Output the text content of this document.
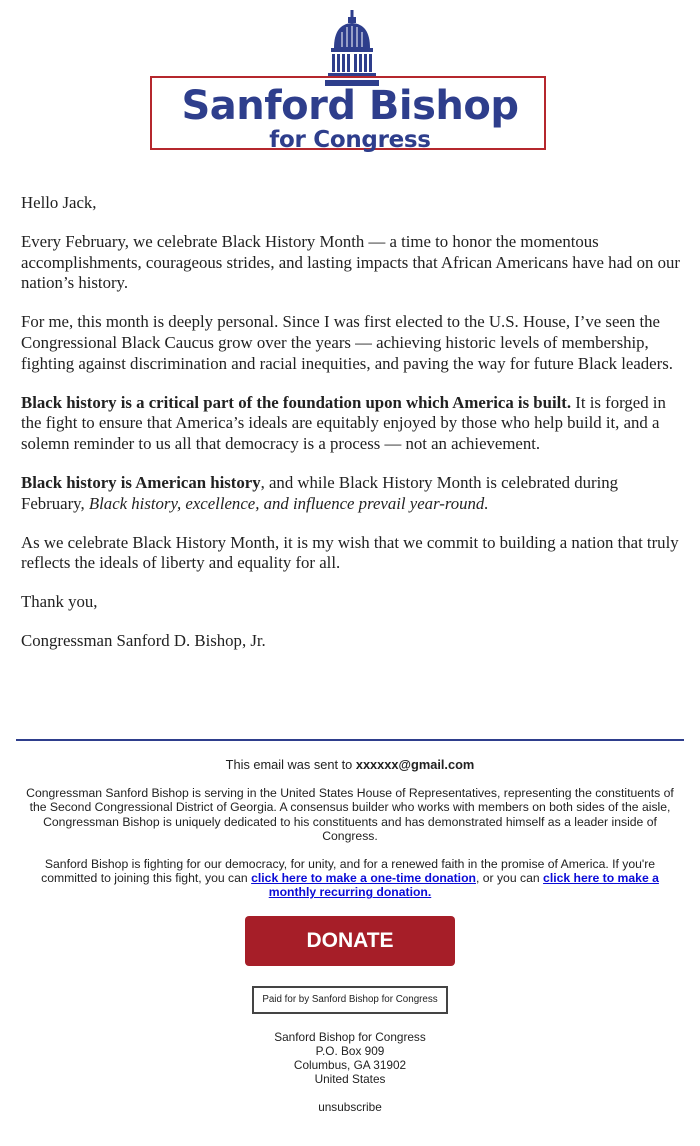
Sanford Bishop
for Congress

Hello Jack,

Every February, we celebrate Black History Month — a time to honor the momentous accomplishments, courageous strides, and lasting impacts that African Americans have had on our nation’s history.

For me, this month is deeply personal. Since I was first elected to the U.S. House, I’ve seen the Congressional Black Caucus grow over the years — achieving historic levels of membership, fighting against discrimination and racial inequities, and paving the way for future Black leaders.

Black history is a critical part of the foundation upon which America is built. It is forged in the fight to ensure that America’s ideals are equitably enjoyed by those who help build it, and a solemn reminder to us all that democracy is a process — not an achievement.

Black history is American history, and while Black History Month is celebrated during February, Black history, excellence, and influence prevail year-round.

As we celebrate Black History Month, it is my wish that we commit to building a nation that truly reflects the ideals of liberty and equality for all.

Thank you,

Congressman Sanford D. Bishop, Jr.

This email was sent to xxxxxx@gmail.com

Congressman Sanford Bishop is serving in the United States House of Representatives, representing the constituents of the Second Congressional District of Georgia. A consensus builder who works with members on both sides of the aisle, Congressman Bishop is uniquely dedicated to his constituents and has demonstrated himself as a leader inside of Congress.

Sanford Bishop is fighting for our democracy, for unity, and for a renewed faith in the promise of America. If you're committed to joining this fight, you can click here to make a one-time donation, or you can click here to make a monthly recurring donation.

DONATE
Paid for by Sanford Bishop for Congress
Sanford Bishop for Congress
P.O. Box 909
Columbus, GA 31902
United States
unsubscribe
